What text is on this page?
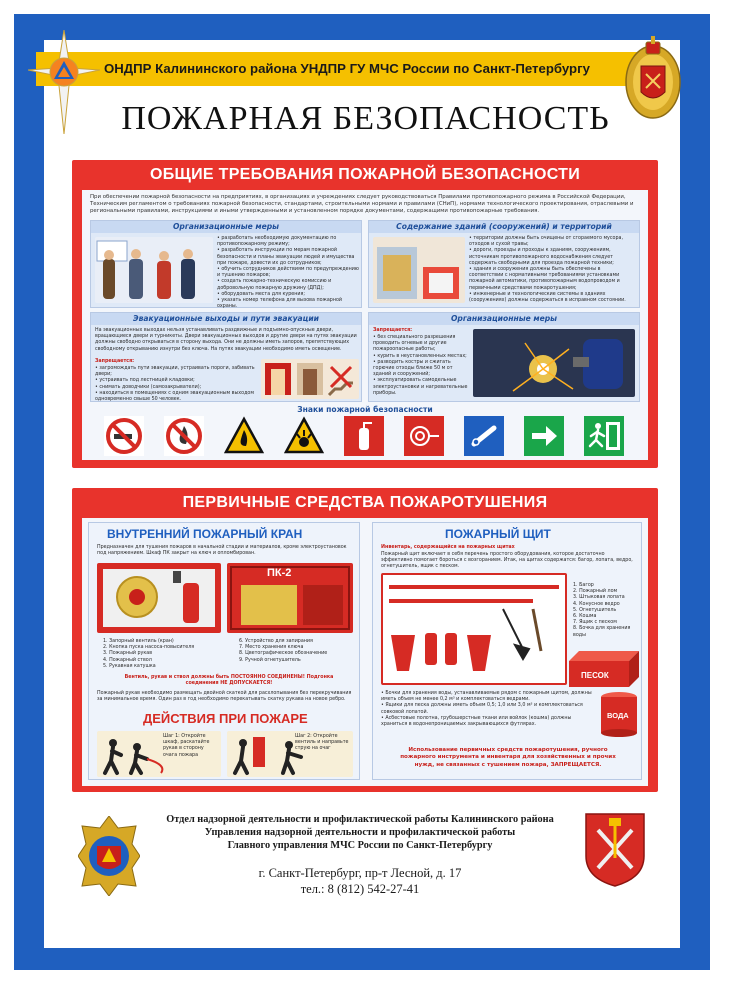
ОНДПР Калининского района УНДПР ГУ МЧС России по Санкт-Петербургу
ПОЖАРНАЯ БЕЗОПАСНОСТЬ
ОБЩИЕ ТРЕБОВАНИЯ ПОЖАРНОЙ БЕЗОПАСНОСТИ
При обеспечении пожарной безопасности на предприятиях, в организациях и учреждениях следует руководствоваться Правилами противопожарного режима в Российской Федерации, Техническим регламентом о требованиях пожарной безопасности, стандартами, строительными нормами и правилами (СНиП), нормами технологического проектирования, отраслевыми и региональными правилами, инструкциями и иными утвержденными и установленном порядке документами, содержащими противопожарные требования.
Организационные меры
• разработать необходимую документацию по противопожарному режиму;
• разработать инструкции по мерам пожарной безопасности и планы эвакуации людей и имущества при пожаре, довести их до сотрудников;
• обучить сотрудников действиям по предупреждению и тушению пожаров;
• создать пожарно-техническую комиссию и добровольную пожарную дружину (ДПД);
• оборудовать места для курения;
• указать номер телефона для вызова пожарной охраны.
Содержание зданий (сооружений) и территорий
• территории должны быть очищены от сгораемого мусора, отходов и сухой травы;
• дороги, проезды и проходы к зданиям, сооружениям, источникам противопожарного водоснабжения следует содержать свободными для проезда пожарной техники;
• здания и сооружения должны быть обеспечены в соответствии с нормативными требованиями установками пожарной автоматики, противопожарным водопроводом и первичными средствами пожаротушения;
• инженерные и технологические системы в зданиях (сооружениях) должны содержаться в исправном состоянии.
Эвакуационные выходы и пути эвакуации
На эвакуационных выходах нельзя устанавливать раздвижные и подъемно-опускные двери, вращающиеся двери и турникеты. Двери эвакуационных выходов и другие двери на путях эвакуации должны свободно открываться в сторону выхода. Они не должны иметь запоров, препятствующих свободному открыванию изнутри без ключа. На путях эвакуации необходимо иметь освещение.
Запрещается:
• загромождать пути эвакуации, устраивать пороги, забивать двери;
• устраивать под лестницей кладовки;
• снимать доводчики (самозакрыватели);
• находиться в помещениях с одним эвакуационным выходом одновременно свыше 50 человек.
Организационные меры
Запрещается:
• без специального разрешения проводить огневые и другие пожароопасные работы;
• курить в неустановленных местах;
• разводить костры и сжигать горючие отходы ближе 50 м от зданий и сооружений;
• эксплуатировать самодельные электроустановки и нагревательные приборы.
Знаки пожарной безопасности
ПЕРВИЧНЫЕ СРЕДСТВА ПОЖАРОТУШЕНИЯ
ВНУТРЕННИЙ ПОЖАРНЫЙ КРАН
Предназначен для тушения пожаров в начальной стадии и материалов, кроме электроустановок под напряжением. Шкаф ПК закрыт на ключ и опломбирован.
ПК-2
1. Запорный вентиль (кран)
2. Кнопка пуска насоса-повысителя
3. Пожарный рукав
4. Пожарный ствол
5. Рукавная катушка
6. Устройство для запирания
7. Место хранения ключа
8. Цветографическое обозначение
9. Ручной огнетушитель
Вентиль, рукав и ствол должны быть ПОСТОЯННО СОЕДИНЕНЫ! Подгонка соединения НЕ ДОПУСКАЕТСЯ!
Пожарный рукав необходимо размещать двойной скаткой для расхлопывания без перекручивания за минимальное время. Один раз в год необходимо перекатывать скатку рукава на новое ребро.
ДЕЙСТВИЯ ПРИ ПОЖАРЕ
Шаг 1: Откройте шкаф, раскатайте рукав в сторону очага пожара
Шаг 2: Откройте вентиль и направьте струю на очаг
ПОЖАРНЫЙ ЩИТ
Инвентарь, содержащийся на пожарных щитах
Пожарный щит включает в себя перечень простого оборудования, которое достаточно эффективно помогает бороться с возгоранием. Итак, на щитах содержатся: багор, лопата, ведро, огнетушитель, ящик с песком.
1. Багор
2. Пожарный лом
3. Штыковая лопата
4. Конусное ведро
5. Огнетушитель
6. Кошма
7. Ящик с песком
8. Бочка для хранения воды
ПЕСОК
ВОДА
• Бочки для хранения воды, устанавливаемые рядом с пожарным щитом, должны иметь объем не менее 0,2 м³ и комплектоваться ведрами.
• Ящики для песка должны иметь объем 0,5; 1,0 или 3,0 м³ и комплектоваться совковой лопатой.
• Асбестовые полотна, грубошерстные ткани или войлок (кошма) должны храниться в водонепроницаемых закрывающихся футлярах.
Использование первичных средств пожаротушения, ручного пожарного инструмента и инвентаря для хозяйственных и прочих нужд, не связанных с тушением пожара, ЗАПРЕЩАЕТСЯ.
Отдел надзорной деятельности и профилактической работы Калининского района
Управления надзорной деятельности и профилактической работы
Главного управления МЧС России по Санкт-Петербургу
г. Санкт-Петербург, пр-т Лесной, д. 17
тел.: 8 (812) 542-27-41
